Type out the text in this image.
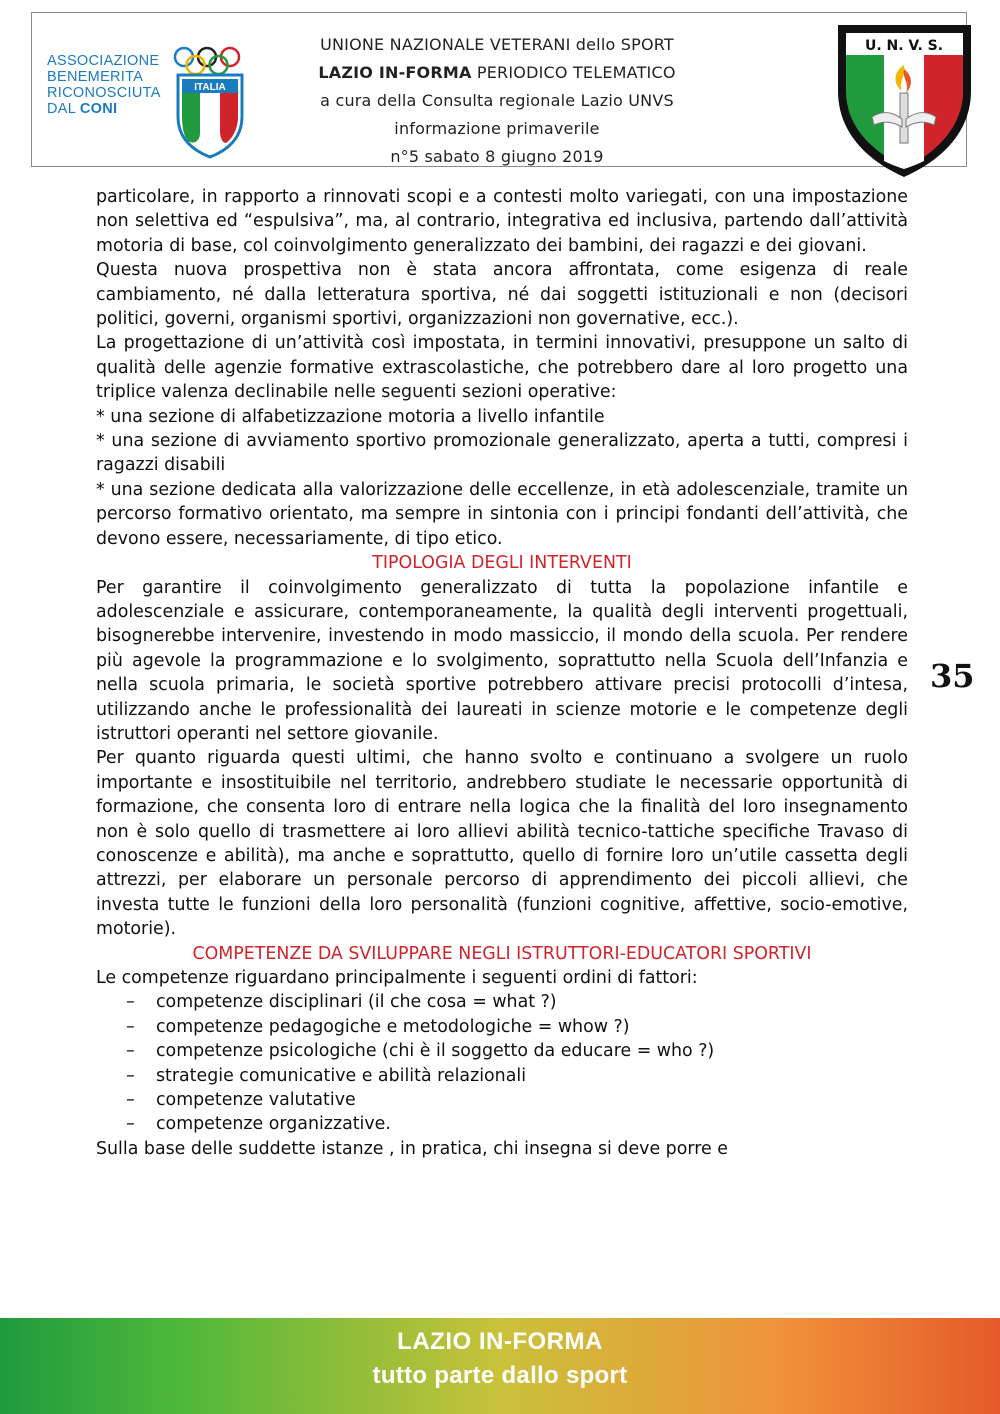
ASSOCIAZIONE
BENEMERITA
RICONOSCIUTA
DAL CONI
ITALIA
UNIONE NAZIONALE VETERANI dello SPORT
LAZIO IN-FORMA PERIODICO TELEMATICO
a cura della Consulta regionale Lazio UNVS
informazione primaverile
n°5 sabato 8 giugno 2019
U. N. V. S.

particolare, in rapporto a rinnovati scopi e a contesti molto variegati, con una impostazione non selettiva ed “espulsiva”, ma, al contrario, integrativa ed inclusiva, partendo dall’attività motoria di base, col coinvolgimento generalizzato dei bambini, dei ragazzi e dei giovani.

Questa nuova prospettiva non è stata ancora affrontata, come esigenza di reale cambiamento, né dalla letteratura sportiva, né dai soggetti istituzionali e non (decisori politici, governi, organismi sportivi, organizzazioni non governative, ecc.).

La progettazione di un’attività così impostata, in termini innovativi, presuppone un salto di qualità delle agenzie formative extrascolastiche, che potrebbero dare al loro progetto una triplice valenza declinabile nelle seguenti sezioni operative:

* una sezione di alfabetizzazione motoria a livello infantile

* una sezione di avviamento sportivo promozionale generalizzato, aperta a tutti, compresi i ragazzi disabili

* una sezione dedicata alla valorizzazione delle eccellenze, in età adolescenziale, tramite un percorso formativo orientato, ma sempre in sintonia con i principi fondanti dell’attività, che devono essere, necessariamente, di tipo etico.

TIPOLOGIA DEGLI INTERVENTI

Per garantire il coinvolgimento generalizzato di tutta la popolazione infantile e adolescenziale e assicurare, contemporaneamente, la qualità degli interventi progettuali, bisognerebbe intervenire, investendo in modo massiccio, il mondo della scuola. Per rendere più agevole la programmazione e lo svolgimento, soprattutto nella Scuola dell’Infanzia e nella scuola primaria, le società sportive potrebbero attivare precisi protocolli d’intesa, utilizzando anche le professionalità dei laureati in scienze motorie e le competenze degli istruttori operanti nel settore giovanile.

Per quanto riguarda questi ultimi, che hanno svolto e continuano a svolgere un ruolo importante e insostituibile nel territorio, andrebbero studiate le necessarie opportunità di formazione, che consenta loro di entrare nella logica che la finalità del loro insegnamento non è solo quello di trasmettere ai loro allievi abilità tecnico-tattiche specifiche Travaso di conoscenze e abilità), ma anche e soprattutto, quello di fornire loro un’utile cassetta degli attrezzi, per elaborare un personale percorso di apprendimento dei piccoli allievi, che investa tutte le funzioni della loro personalità (funzioni cognitive, affettive, socio-emotive, motorie).

COMPETENZE DA SVILUPPARE NEGLI ISTRUTTORI-EDUCATORI SPORTIVI

Le competenze riguardano principalmente i seguenti ordini di fattori:

– competenze disciplinari (il che cosa = what ?)
– competenze pedagogiche e metodologiche = whow ?)
– competenze psicologiche (chi è il soggetto da educare = who ?)
– strategie comunicative e abilità relazionali
– competenze valutative
– competenze organizzative.

Sulla base delle suddette istanze , in pratica, chi insegna si deve porre e

35
LAZIO IN-FORMA
tutto parte dallo sport
